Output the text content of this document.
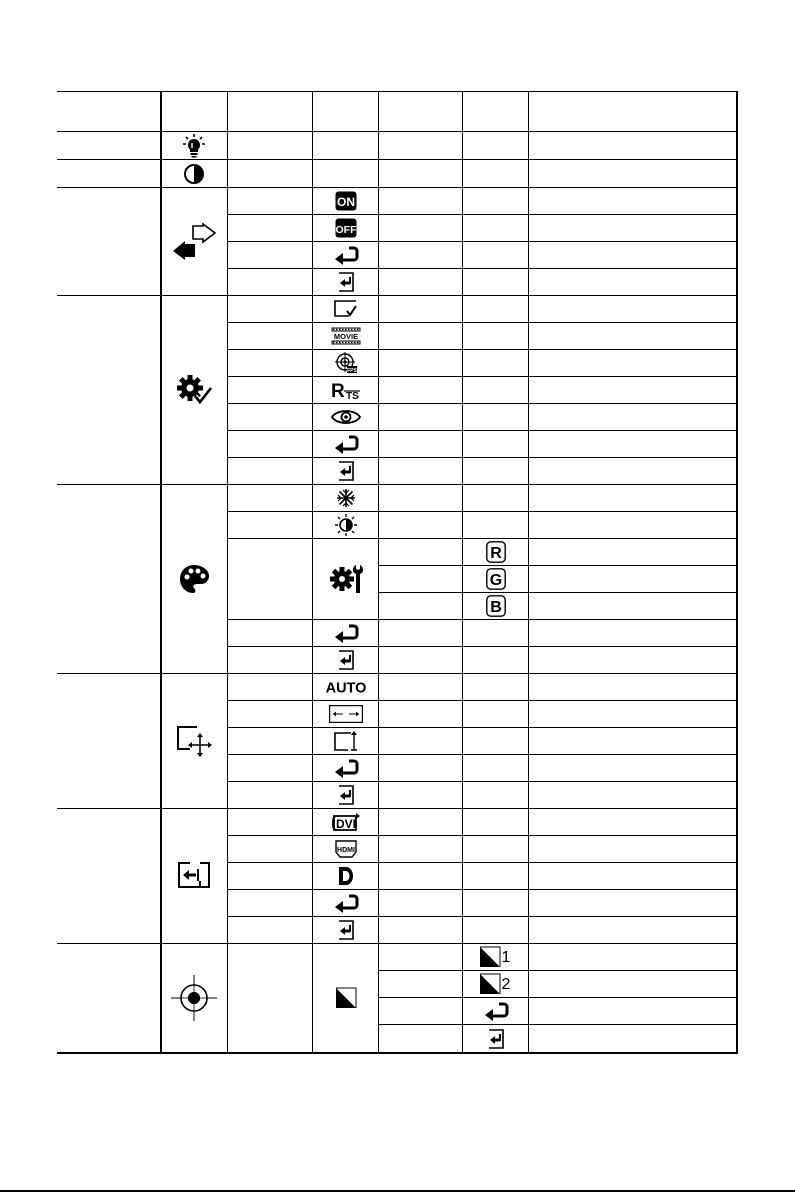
ON
OFF
MOVIE
FPS
R TS
AUTO
DVI
HDMI
R
G
B
1
2
